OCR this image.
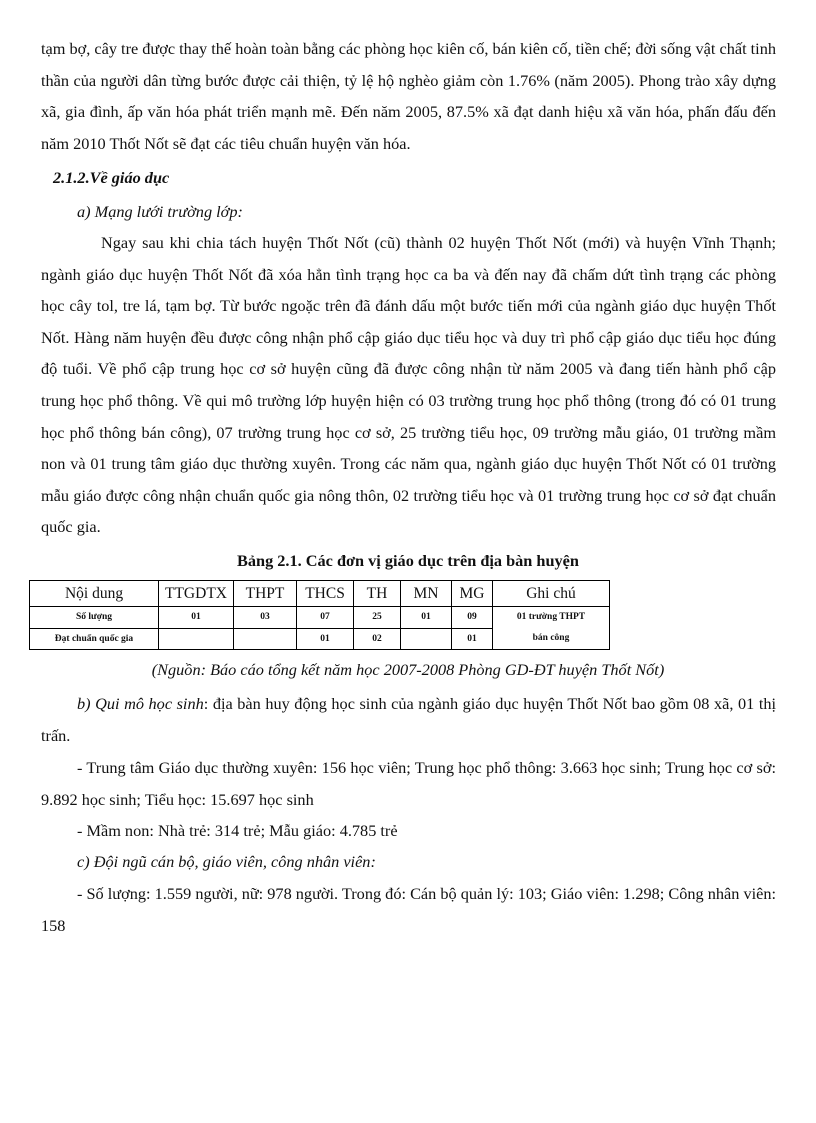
tạm bợ, cây tre được thay thế hoàn toàn bằng các phòng học kiên cố, bán kiên cố, tiền chế; đời sống vật chất tinh thần của người dân từng bước được cải thiện, tỷ lệ hộ nghèo giảm còn 1.76% (năm 2005). Phong trào xây dựng xã, gia đình, ấp văn hóa phát triển mạnh mẽ. Đến năm 2005, 87.5% xã đạt danh hiệu xã văn hóa, phấn đấu đến năm 2010 Thốt Nốt sẽ đạt các tiêu chuẩn huyện văn hóa.

2.1.2.Về giáo dục

a) Mạng lưới trường lớp:

Ngay sau khi chia tách huyện Thốt Nốt (cũ) thành 02 huyện Thốt Nốt (mới) và huyện Vĩnh Thạnh; ngành giáo dục huyện Thốt Nốt đã xóa hẳn tình trạng học ca ba và đến nay đã chấm dứt tình trạng các phòng học cây tol, tre lá, tạm bợ. Từ bước ngoặc trên đã đánh dấu một bước tiến mới của ngành giáo dục huyện Thốt Nốt. Hàng năm huyện đều được công nhận phổ cập giáo dục tiểu học và duy trì phổ cập giáo dục tiểu học đúng độ tuổi. Về phổ cập trung học cơ sở huyện cũng đã được công nhận từ năm 2005 và đang tiến hành phổ cập trung học phổ thông. Về qui mô trường lớp huyện hiện có 03 trường trung học phổ thông (trong đó có 01 trung học phổ thông bán công), 07 trường trung học cơ sở, 25 trường tiểu học, 09 trường mẫu giáo, 01 trường mầm non và 01 trung tâm giáo dục thường xuyên. Trong các năm qua, ngành giáo dục huyện Thốt Nốt có 01 trường mẫu giáo được công nhận chuẩn quốc gia nông thôn, 02 trường tiểu học và 01 trường trung học cơ sở đạt chuẩn quốc gia.

Bảng 2.1. Các đơn vị giáo dục trên địa bàn huyện

Nội dung	TTGDTX	THPT	THCS	TH	MN	MG	Ghi chú
Số lượng	01	03	07	25	01	09	01 trường THPT
Đạt chuẩn quốc gia			01	02		01	bán công

(Nguồn: Báo cáo tổng kết năm học 2007-2008 Phòng GD-ĐT huyện Thốt Nốt)

b) Qui mô học sinh: địa bàn huy động học sinh của ngành giáo dục huyện Thốt Nốt bao gồm 08 xã, 01 thị trấn.

- Trung tâm Giáo dục thường xuyên: 156 học viên; Trung học phổ thông: 3.663 học sinh; Trung học cơ sở: 9.892 học sinh; Tiểu học: 15.697 học sinh

- Mầm non: Nhà trẻ: 314 trẻ; Mẫu giáo: 4.785 trẻ

c) Đội ngũ cán bộ, giáo viên, công nhân viên:

- Số lượng: 1.559 người, nữ: 978 người. Trong đó: Cán bộ quản lý: 103; Giáo viên: 1.298; Công nhân viên: 158
